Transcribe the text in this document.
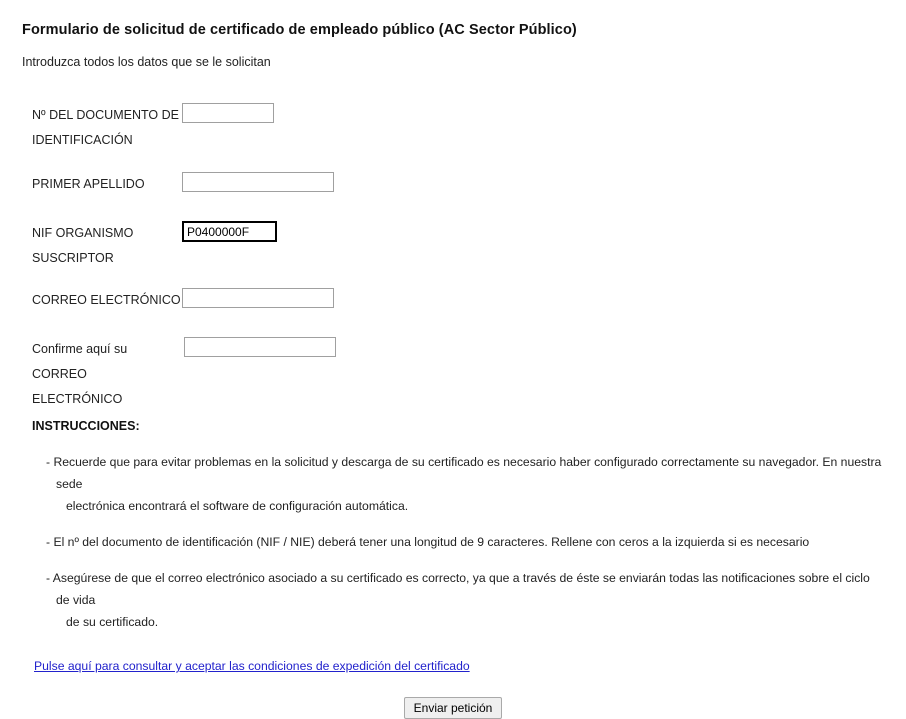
Formulario de solicitud de certificado de empleado público (AC Sector Público)
Introduzca todos los datos que se le solicitan
Nº DEL DOCUMENTO DE
IDENTIFICACIÓN
PRIMER APELLIDO
NIF ORGANISMO
SUSCRIPTOR
P0400000F
CORREO ELECTRÓNICO
Confirme aquí su CORREO
ELECTRÓNICO
INSTRUCCIONES:
- Recuerde que para evitar problemas en la solicitud y descarga de su certificado es necesario haber configurado correctamente su navegador. En nuestra sede
electrónica encontrará el software de configuración automática.
- El nº del documento de identificación (NIF / NIE) deberá tener una longitud de 9 caracteres. Rellene con ceros a la izquierda si es necesario
- Asegúrese de que el correo electrónico asociado a su certificado es correcto, ya que a través de éste se enviarán todas las notificaciones sobre el ciclo de vida
de su certificado.
Pulse aquí para consultar y aceptar las condiciones de expedición del certificado
Enviar petición
